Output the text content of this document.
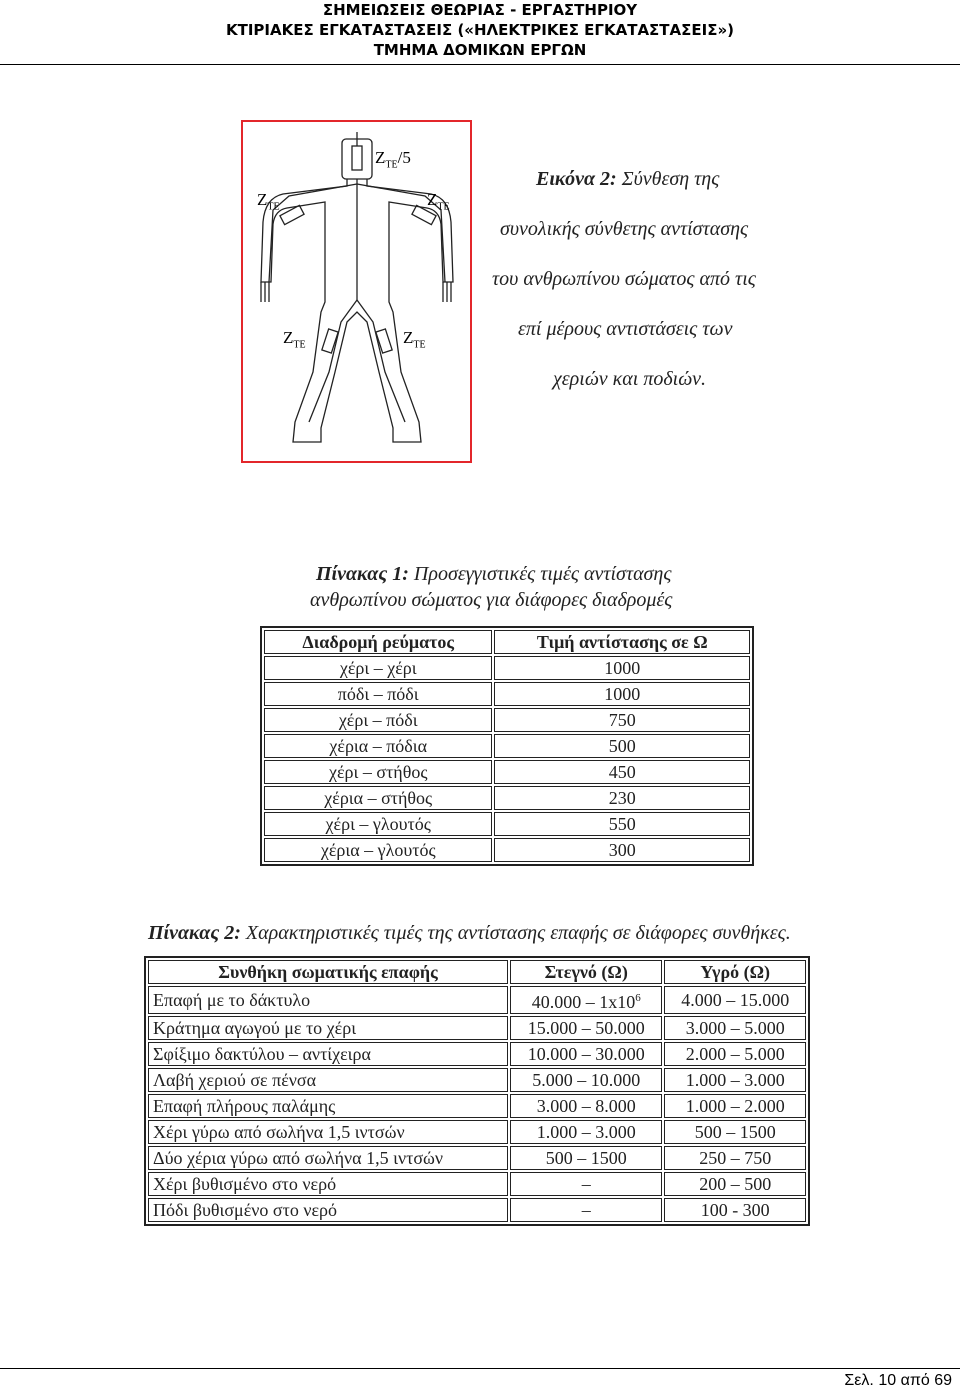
ΣΗΜΕΙΩΣΕΙΣ ΘΕΩΡΙΑΣ - ΕΡΓΑΣΤΗΡΙΟΥ
ΚΤΙΡΙΑΚΕΣ ΕΓΚΑΤΑΣΤΑΣΕΙΣ («ΗΛΕΚΤΡΙΚΕΣ ΕΓΚΑΤΑΣΤΑΣΕΙΣ»)
ΤΜΗΜΑ ΔΟΜΙΚΩΝ ΕΡΓΩΝ
$Z_{TE}/5$
$Z_{TE}$	$Z_{TE}$
$Z_{TE}$	$Z_{TE}$
Εικόνα 2: Σύνθεση της
συνολικής σύνθετης αντίστασης
του ανθρωπίνου σώματος από τις
επί μέρους αντιστάσεις των
χεριών και ποδιών.
Πίνακας 1: Προσεγγιστικές τιμές αντίστασης
ανθρωπίνου σώματος για διάφορες διαδρομές
Διαδρομή ρεύματος	Τιμή αντίστασης σε Ω
χέρι – χέρι	1000
πόδι – πόδι	1000
χέρι – πόδι	750
χέρια – πόδια	500
χέρι – στήθος	450
χέρια – στήθος	230
χέρι – γλουτός	550
χέρια – γλουτός	300
Πίνακας 2: Χαρακτηριστικές τιμές της αντίστασης επαφής σε διάφορες συνθήκες.
Συνθήκη σωματικής επαφής	Στεγνό (Ω)	Υγρό (Ω)
Επαφή με το δάκτυλο	$40.000 - 1x10^6$	4.000 – 15.000
Κράτημα αγωγού με το χέρι	15.000 – 50.000	3.000 – 5.000
Σφίξιμο δακτύλου – αντίχειρα	10.000 – 30.000	2.000 – 5.000
Λαβή χεριού σε πένσα	5.000 – 10.000	1.000 – 3.000
Επαφή πλήρους παλάμης	3.000 – 8.000	1.000 – 2.000
Χέρι γύρω από σωλήνα 1,5 ιντσών	1.000 – 3.000	500 – 1500
Δύο χέρια γύρω από σωλήνα 1,5 ιντσών	500 – 1500	250 – 750
Χέρι βυθισμένο στο νερό	–	200 – 500
Πόδι βυθισμένο στο νερό	–	100 - 300
Σελ. 10 από 69
